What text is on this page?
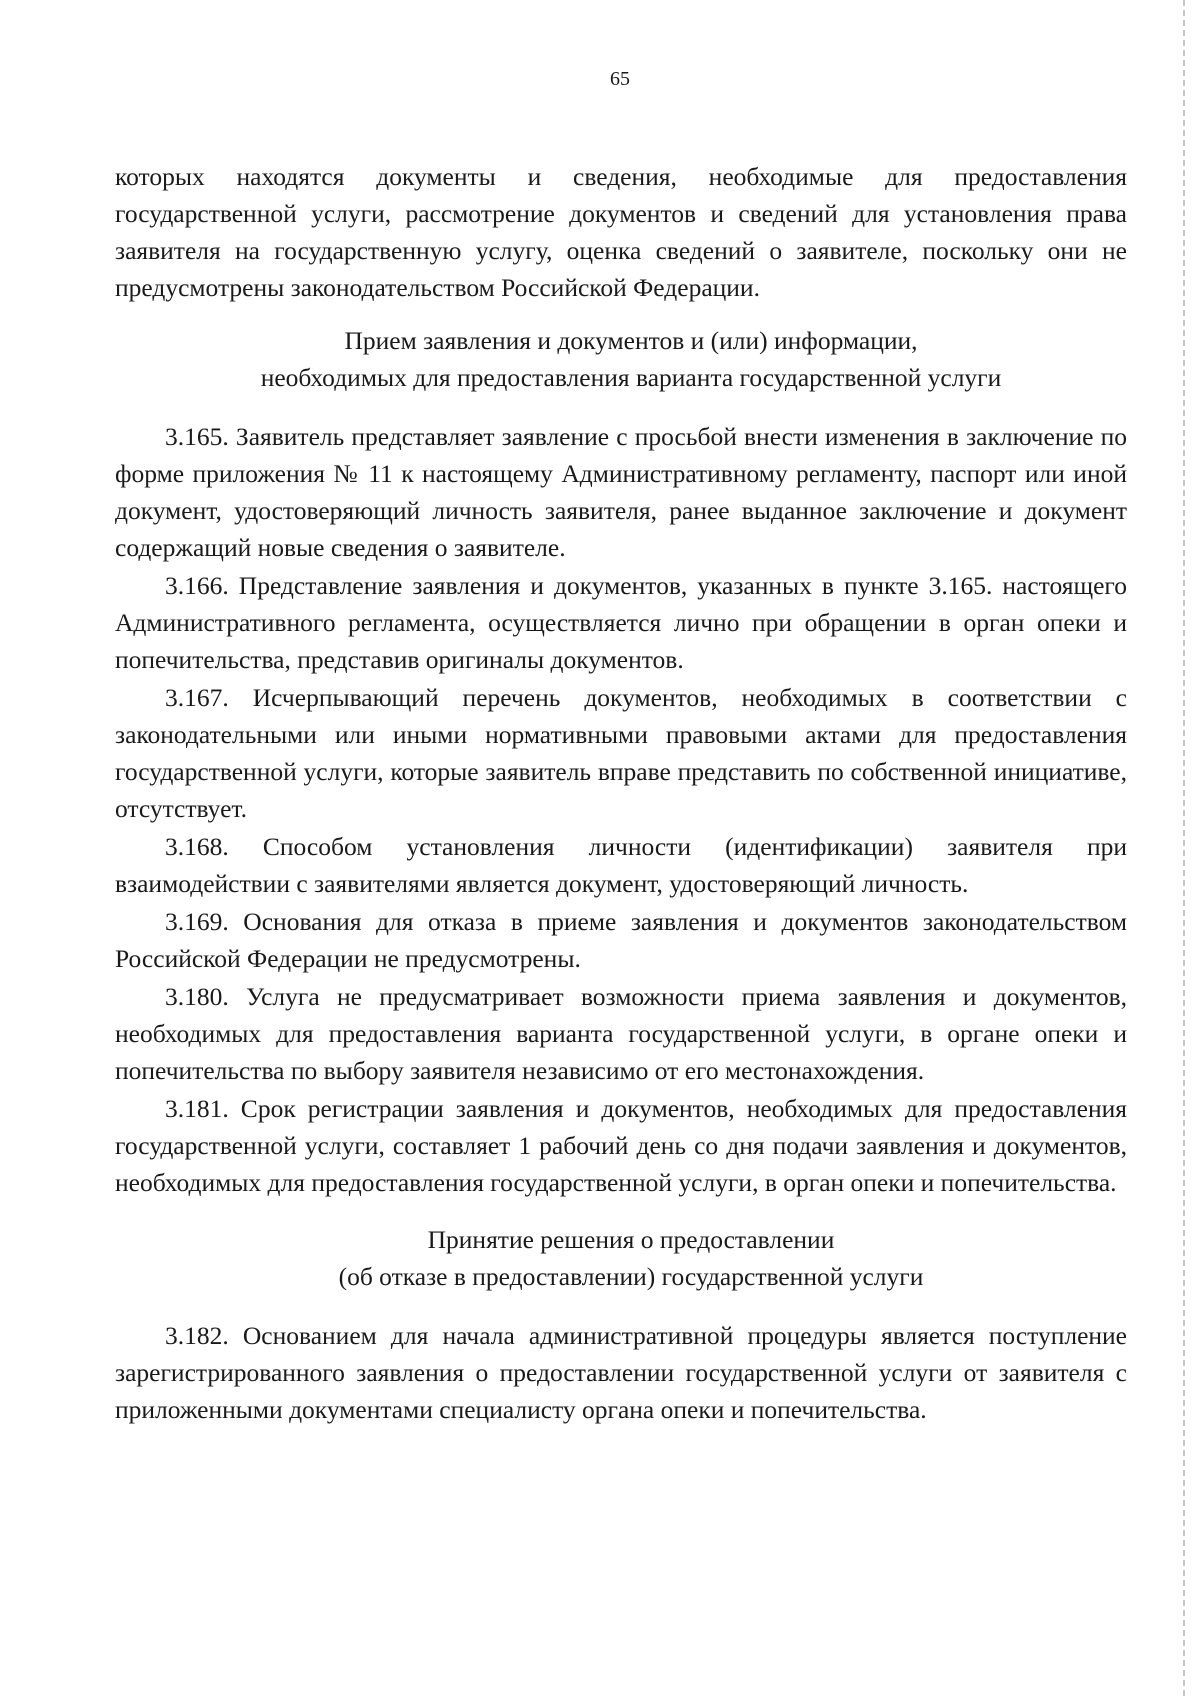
65

которых находятся документы и сведения, необходимые для предоставления государственной услуги, рассмотрение документов и сведений для установления права заявителя на государственную услугу, оценка сведений о заявителе, поскольку они не предусмотрены законодательством Российской Федерации.

Прием заявления и документов и (или) информации,
необходимых для предоставления варианта государственной услуги

3.165. Заявитель представляет заявление с просьбой внести изменения в заключение по форме приложения № 11 к настоящему Административному регламенту, паспорт или иной документ, удостоверяющий личность заявителя, ранее выданное заключение и документ содержащий новые сведения о заявителе.

3.166. Представление заявления и документов, указанных в пункте 3.165. настоящего Административного регламента, осуществляется лично при обращении в орган опеки и попечительства, представив оригиналы документов.

3.167. Исчерпывающий перечень документов, необходимых в соответствии с законодательными или иными нормативными правовыми актами для предоставления государственной услуги, которые заявитель вправе представить по собственной инициативе, отсутствует.

3.168. Способом установления личности (идентификации) заявителя при взаимодействии с заявителями является документ, удостоверяющий личность.

3.169. Основания для отказа в приеме заявления и документов законодательством Российской Федерации не предусмотрены.

3.180. Услуга не предусматривает возможности приема заявления и документов, необходимых для предоставления варианта государственной услуги, в органе опеки и попечительства по выбору заявителя независимо от его местонахождения.

3.181. Срок регистрации заявления и документов, необходимых для предоставления государственной услуги, составляет 1 рабочий день со дня подачи заявления и документов, необходимых для предоставления государственной услуги, в орган опеки и попечительства.

Принятие решения о предоставлении
(об отказе в предоставлении) государственной услуги

3.182. Основанием для начала административной процедуры является поступление зарегистрированного заявления о предоставлении государственной услуги от заявителя с приложенными документами специалисту органа опеки и попечительства.
